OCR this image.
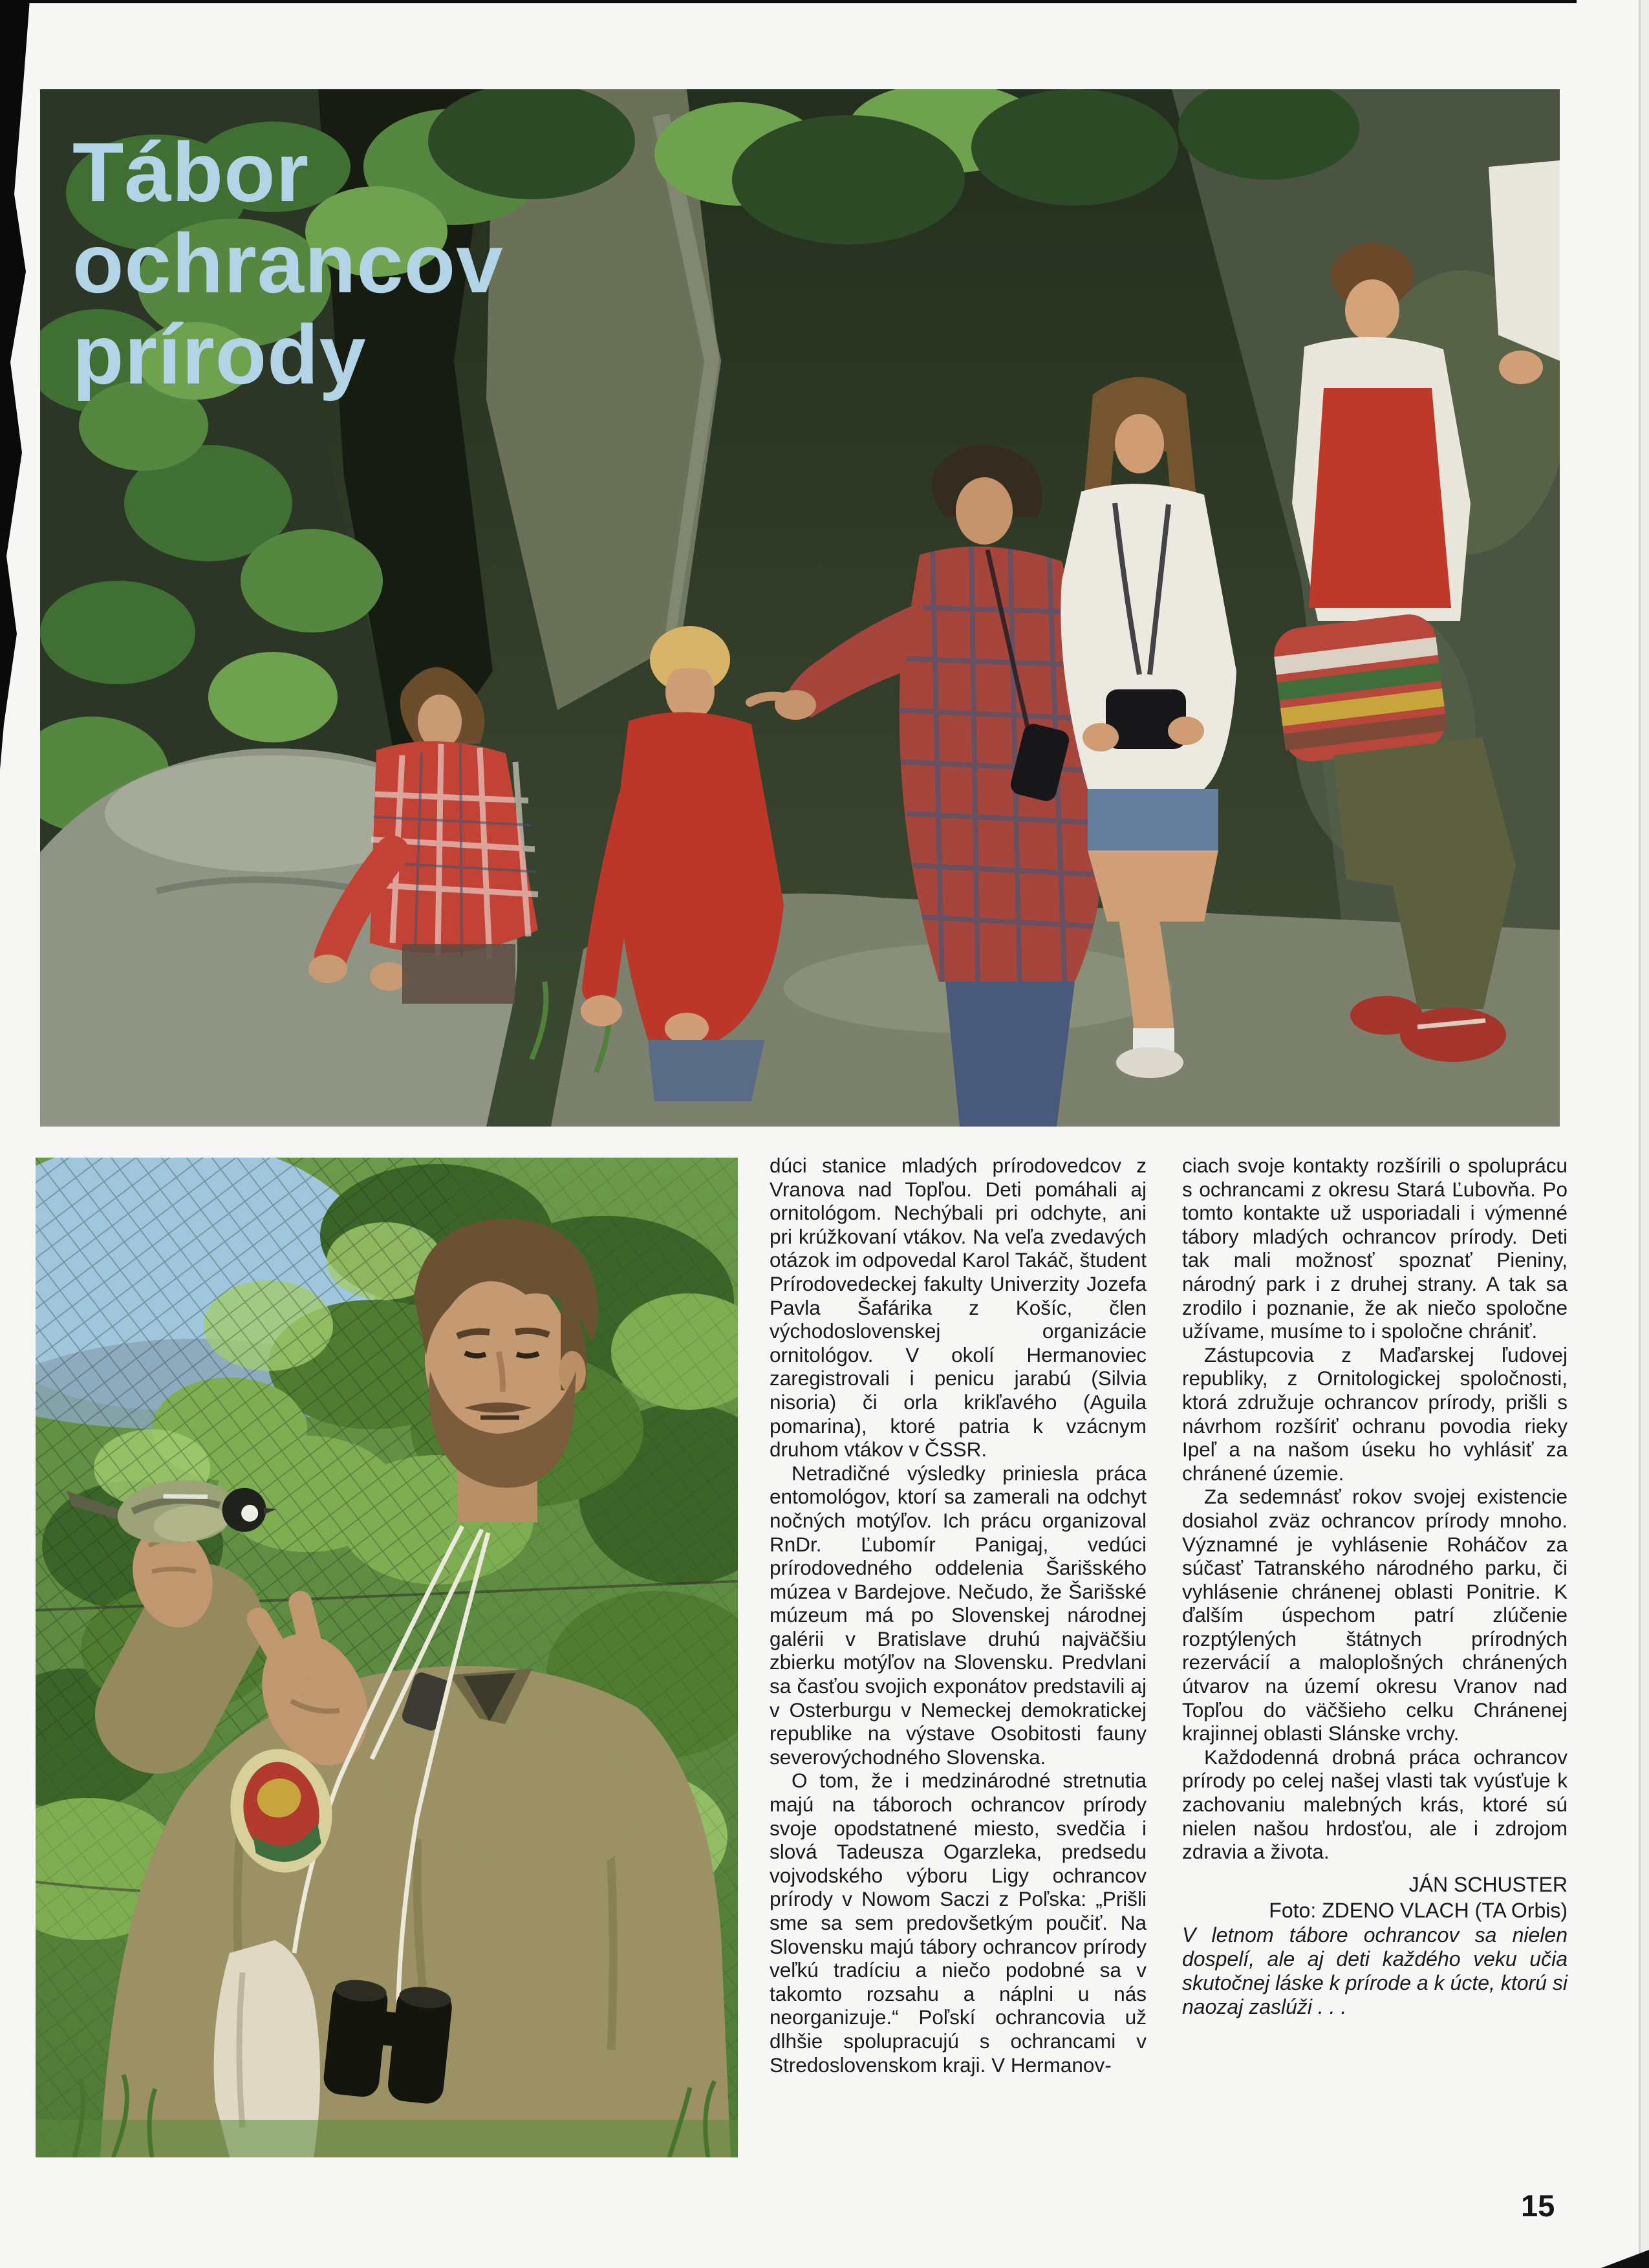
Tábor
ochrancov
prírody

dúci stanice mladých prírodovedcov z Vranova nad Topľou. Deti pomáhali aj ornitológom. Nechýbali pri odchyte, ani pri krúžkovaní vtákov. Na veľa zvedavých otázok im odpovedal Karol Takáč, študent Prírodovedeckej fakulty Univerzity Jozefa Pavla Šafárika z Košíc, člen východoslovenskej organizácie ornitológov. V okolí Hermanoviec zaregistrovali i penicu jarabú (Silvia nisoria) či orla krikľavého (Aguila pomarina), ktoré patria k vzácnym druhom vtákov v ČSSR.

Netradičné výsledky priniesla práca entomológov, ktorí sa zamerali na odchyt nočných motýľov. Ich prácu organizoval RnDr. Ľubomír Panigaj, vedúci prírodovedného oddelenia Šarišského múzea v Bardejove. Nečudo, že Šarišské múzeum má po Slovenskej národnej galérii v Bratislave druhú najväčšiu zbierku motýľov na Slovensku. Predvlani sa časťou svojich exponátov predstavili aj v Osterburgu v Nemeckej demokratickej republike na výstave Osobitosti fauny severovýchodného Slovenska.

O tom, že i medzinárodné stretnutia majú na táboroch ochrancov prírody svoje opodstatnené miesto, svedčia i slová Tadeusza Ogarzleka, predsedu vojvodského výboru Ligy ochrancov prírody v Nowom Saczi z Poľska: „Prišli sme sa sem predovšetkým poučiť. Na Slovensku majú tábory ochrancov prírody veľkú tradíciu a niečo podobné sa v takomto rozsahu a náplni u nás neorganizuje.“ Poľskí ochrancovia už dlhšie spolupracujú s ochrancami v Stredoslovenskom kraji. V Hermanov-

ciach svoje kontakty rozšírili o spoluprácu s ochrancami z okresu Stará Ľubovňa. Po tomto kontakte už usporiadali i výmenné tábory mladých ochrancov prírody. Deti tak mali možnosť spoznať Pieniny, národný park i z druhej strany. A tak sa zrodilo i poznanie, že ak niečo spoločne užívame, musíme to i spoločne chrániť.

Zástupcovia z Maďarskej ľudovej republiky, z Ornitologickej spoločnosti, ktorá združuje ochrancov prírody, prišli s návrhom rozšíriť ochranu povodia rieky Ipeľ a na našom úseku ho vyhlásiť za chránené územie.

Za sedemnásť rokov svojej existencie dosiahol zväz ochrancov prírody mnoho. Významné je vyhlásenie Roháčov za súčasť Tatranského národného parku, či vyhlásenie chránenej oblasti Ponitrie. K ďalším úspechom patrí zlúčenie rozptýlených štátnych prírodných rezervácií a maloplošných chránených útvarov na území okresu Vranov nad Topľou do väčšieho celku Chránenej krajinnej oblasti Slánske vrchy.

Každodenná drobná práca ochrancov prírody po celej našej vlasti tak vyúsťuje k zachovaniu malebných krás, ktoré sú nielen našou hrdosťou, ale i zdrojom zdravia a života.

JÁN SCHUSTER
Foto: ZDENO VLACH (TA Orbis)

V letnom tábore ochrancov sa nielen dospelí, ale aj deti každého veku učia skutočnej láske k prírode a k úcte, ktorú si naozaj zaslúži . . .

15
